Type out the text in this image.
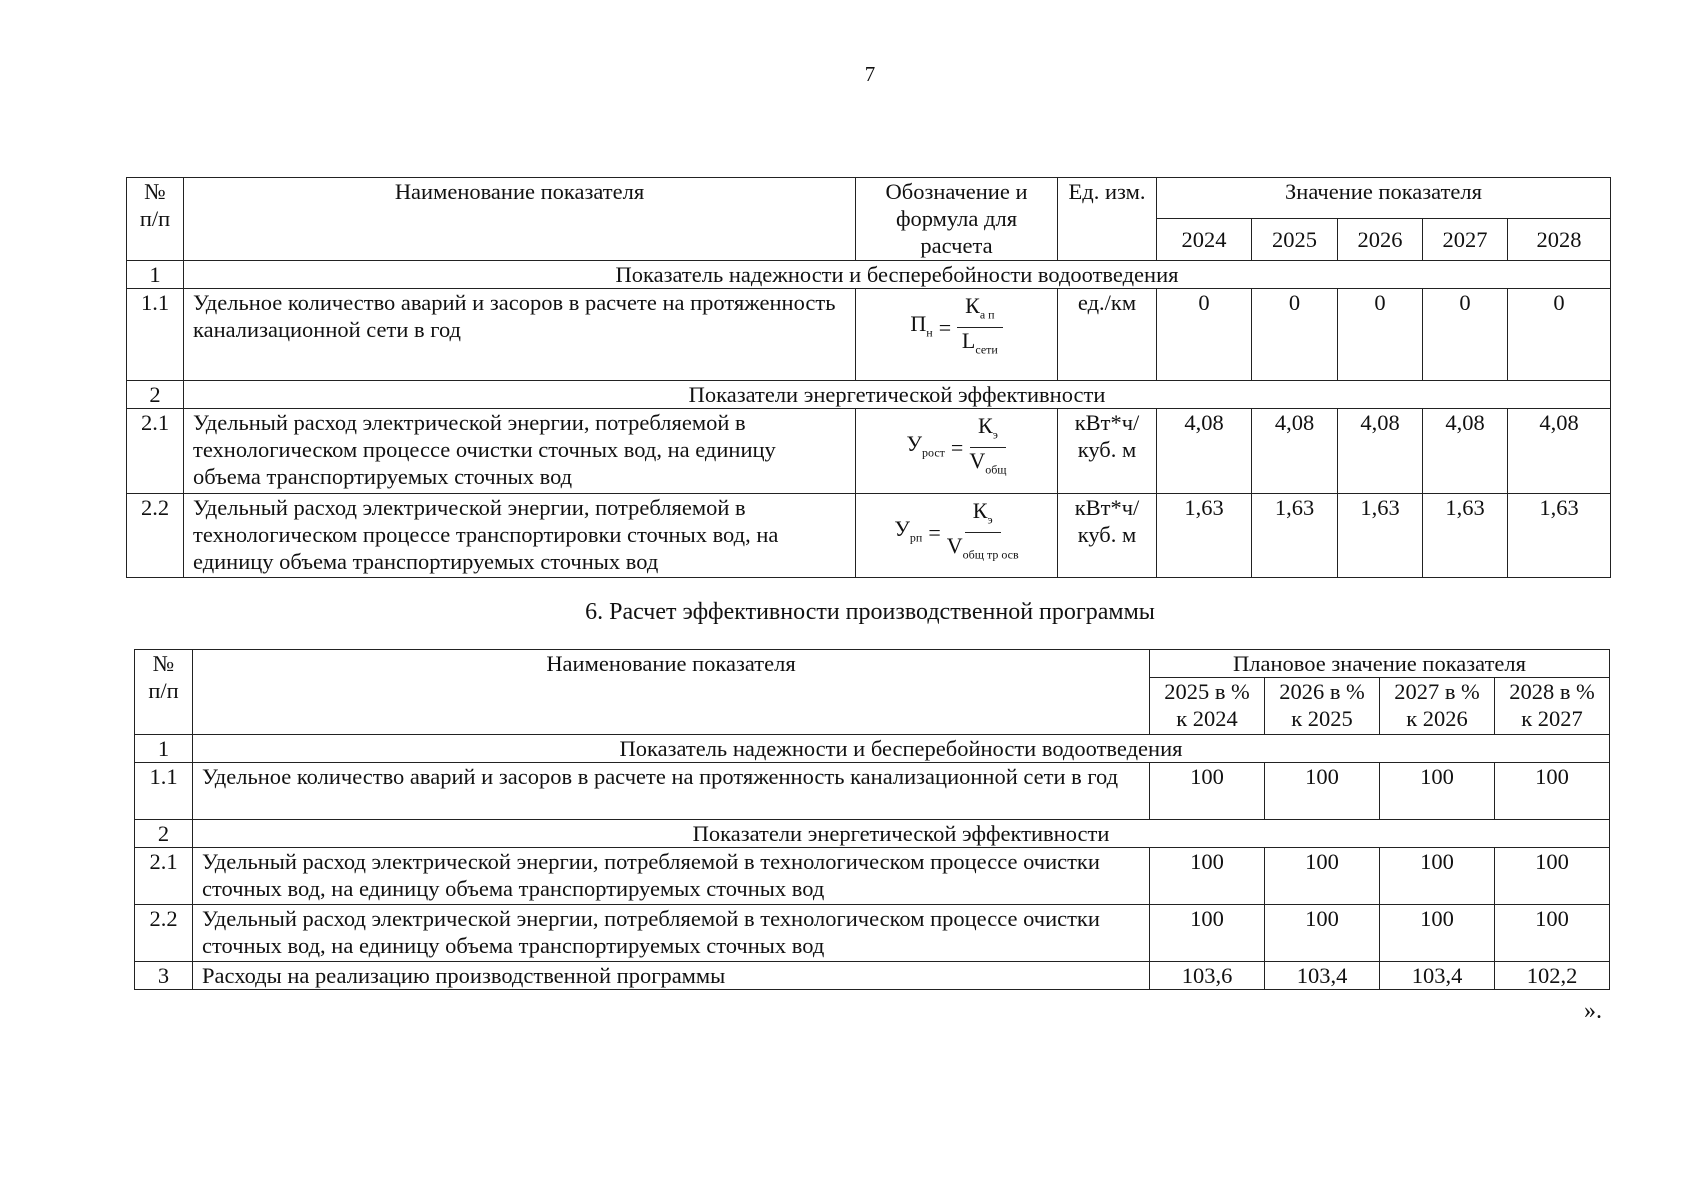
7
№ п/п	Наименование показателя	Обозначение и формула для расчета	Ед. изм.	Значение показателя				
				2024	2025	2026	2027	2028
1	Показатель надежности и бесперебойности водоотведения							
1.1	Удельное количество аварий и засоров в расчете на протяженность канализационной сети в год	$П_н = \frac{К_{а п}}{L_{сети}}$	ед./км	0	0	0	0	0
2	Показатели энергетической эффективности							
2.1	Удельный расход электрической энергии, потребляемой в технологическом процессе очистки сточных вод, на единицу объема транспортируемых сточных вод	$У_{рост} = \frac{К_э}{V_{общ}}$	кВт*ч/ куб. м	4,08	4,08	4,08	4,08	4,08
2.2	Удельный расход электрической энергии, потребляемой в технологическом процессе транспортировки сточных вод, на единицу объема транспортируемых сточных вод	$У_{рп} = \frac{К_э}{V_{общ тр осв}}$	кВт*ч/ куб. м	1,63	1,63	1,63	1,63	1,63
6. Расчет эффективности производственной программы
№ п/п	Наименование показателя	Плановое значение показателя			
		2025 в % к 2024	2026 в % к 2025	2027 в % к 2026	2028 в % к 2027
1	Показатель надежности и бесперебойности водоотведения				
1.1	Удельное количество аварий и засоров в расчете на протяженность канализационной сети в год	100	100	100	100
2	Показатели энергетической эффективности				
2.1	Удельный расход электрической энергии, потребляемой в технологическом процессе очистки сточных вод, на единицу объема транспортируемых сточных вод	100	100	100	100
2.2	Удельный расход электрической энергии, потребляемой в технологическом процессе очистки сточных вод, на единицу объема транспортируемых сточных вод	100	100	100	100
3	Расходы на реализацию производственной программы	103,6	103,4	103,4	102,2
».
